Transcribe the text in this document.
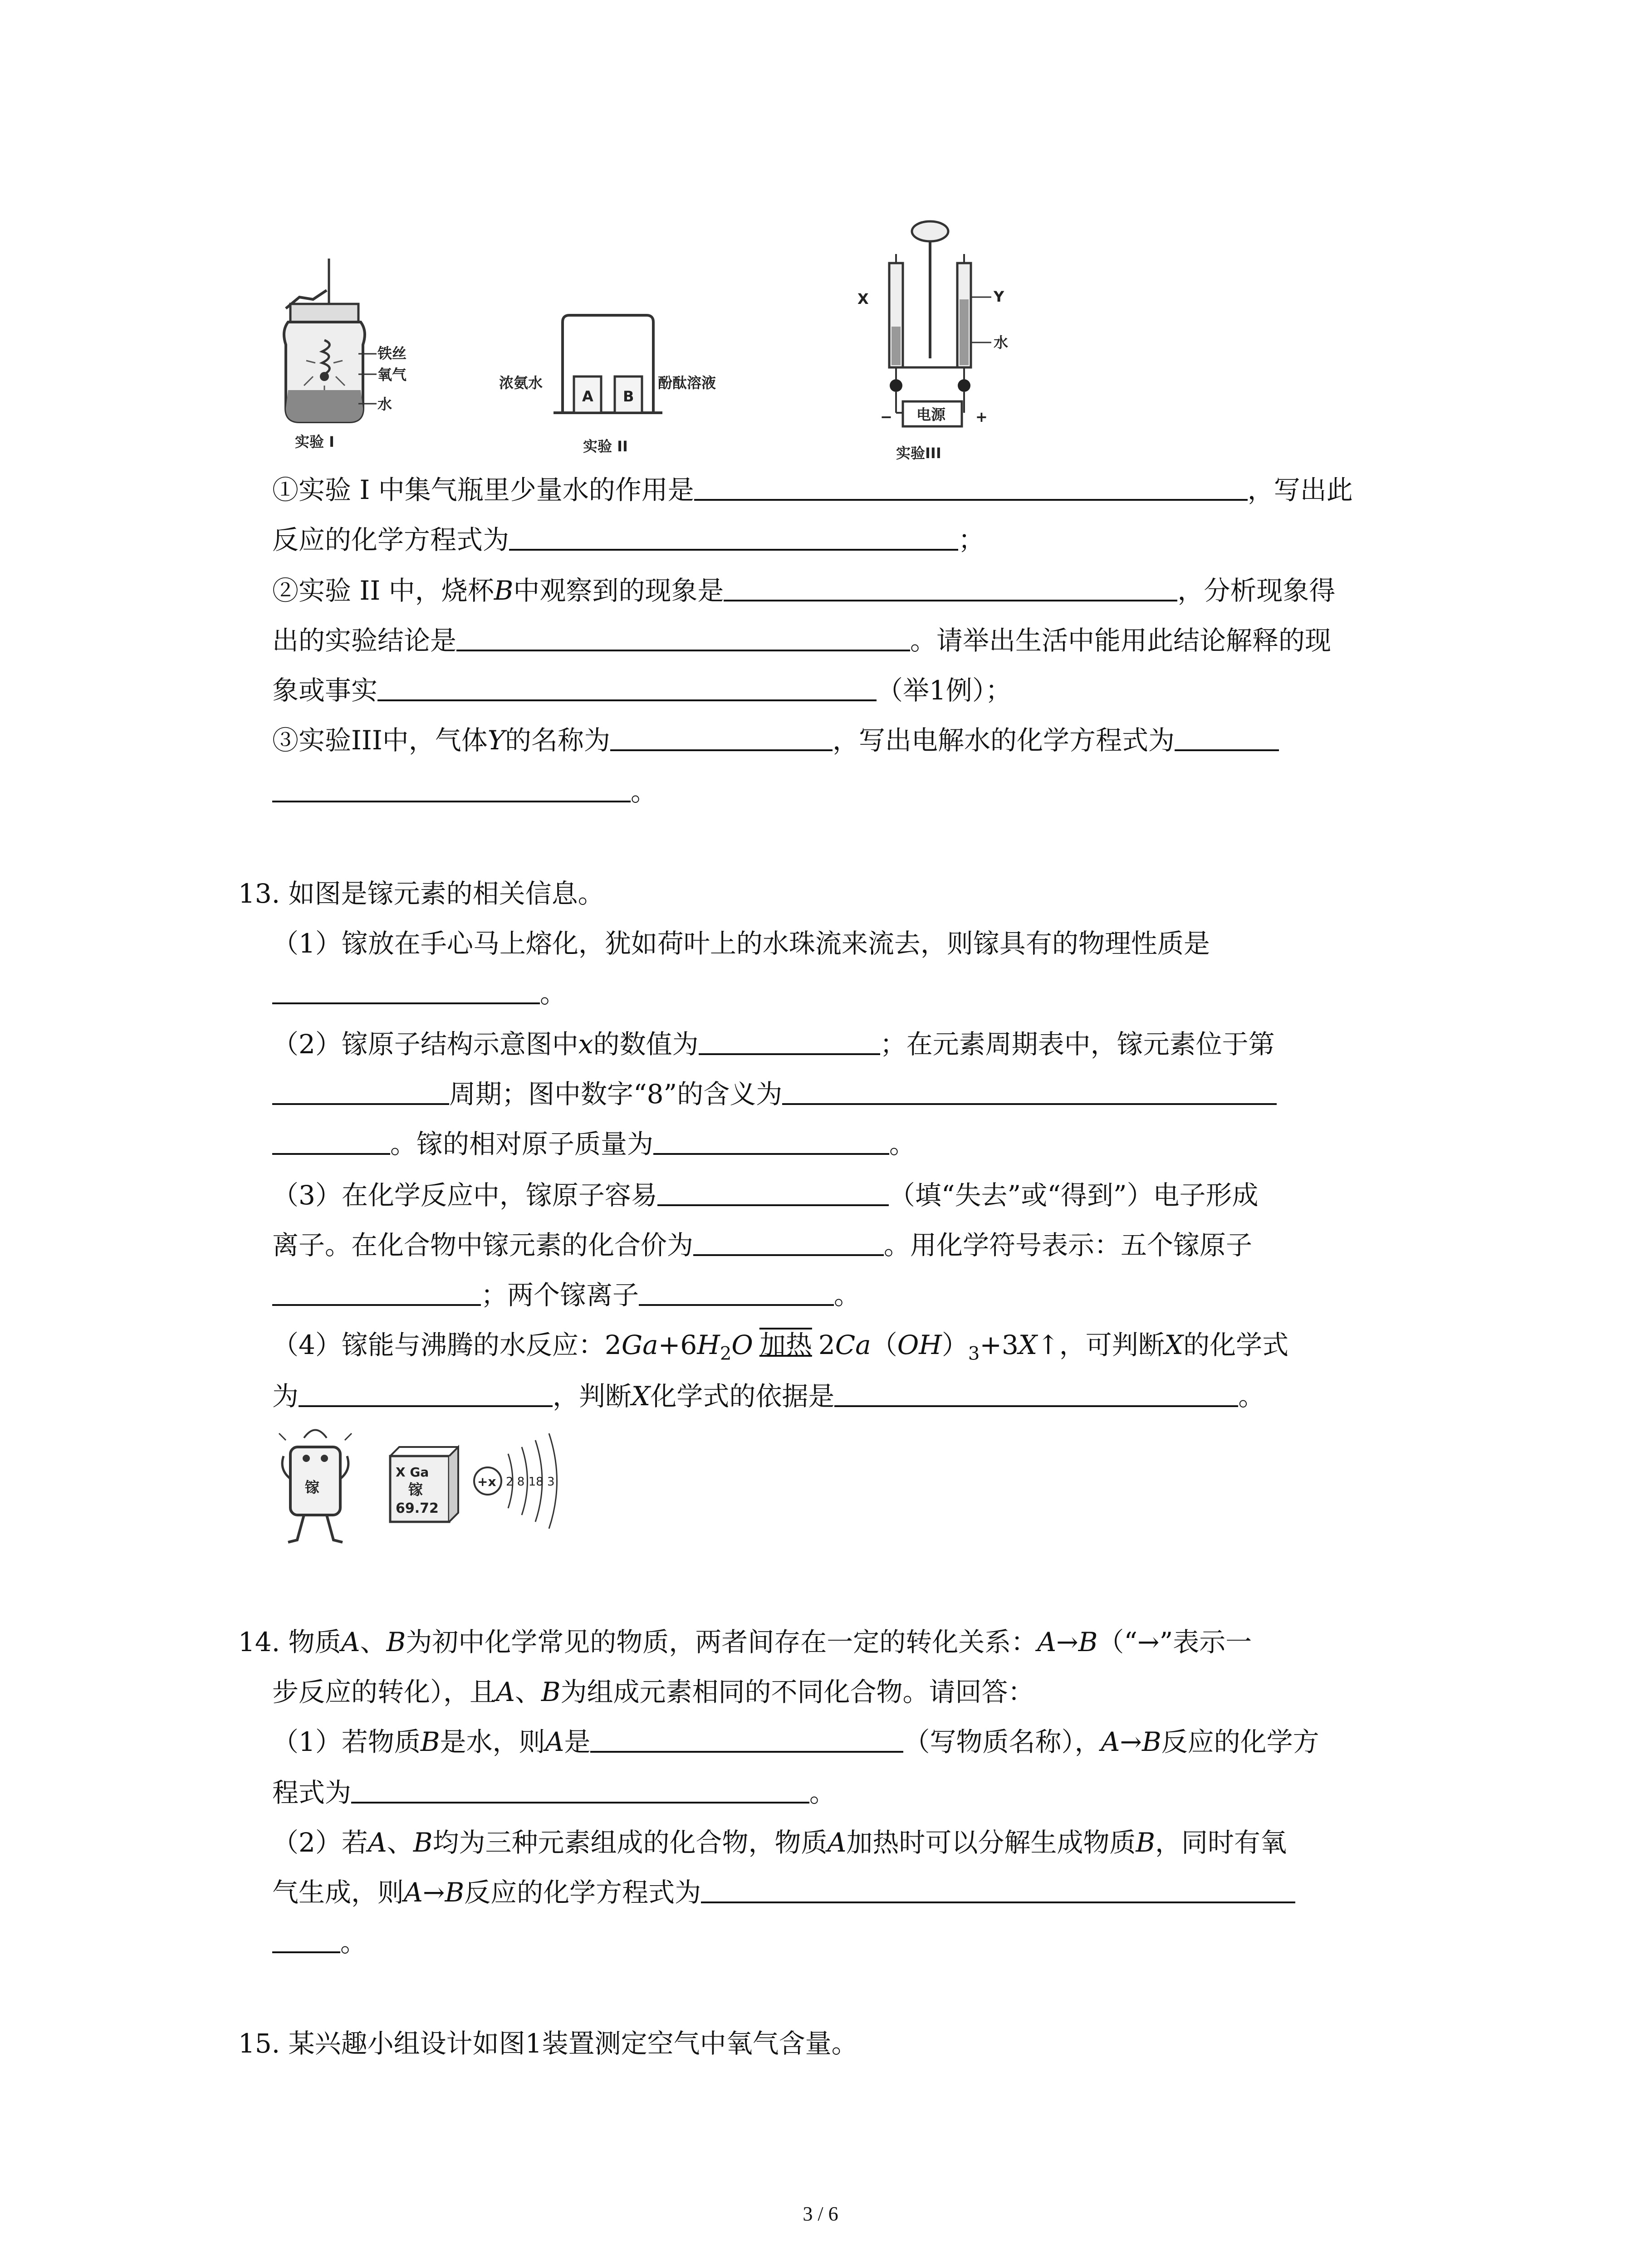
铁丝
氧气
水
实验 I
A B
浓氨水	酚酞溶液
实验 II
电源
−	+
X	Y
水
实验III
①实验 I 中集气瓶里少量水的作用是	，写出此
反应的化学方程式为	；
②实验 II 中，烧杯B中观察到的现象是	，分析现象得
出的实验结论是	。请举出生活中能用此结论解释的现
象或事实	（举1例）；
③实验III中，气体Y的名称为	，写出电解水的化学方程式为
。
13. 如图是镓元素的相关信息。
（1）镓放在手心马上熔化，犹如荷叶上的水珠流来流去，则镓具有的物理性质是
。
（2）镓原子结构示意图中x的数值为	；在元素周期表中，镓元素位于第
周期；图中数字“8”的含义为
。镓的相对原子质量为	。
（3）在化学反应中，镓原子容易	（填“失去”或“得到”）电子形成
离子。在化合物中镓元素的化合价为	。用化学符号表示：五个镓原子
；两个镓离子	。
（4）镓能与沸腾的水反应：$2Ga+6H_2O$ 加热 $2Ca(OH)_3+3X↑$，可判断X的化学式
为	，判断X化学式的依据是	。
镓
X Ga
镓
69.72
+x 2 8 18 3
14. 物质A、B为初中化学常见的物质，两者间存在一定的转化关系：A→B（“→”表示一
步反应的转化），且A、B为组成元素相同的不同化合物。请回答：
（1）若物质B是水，则A是	（写物质名称），A→B反应的化学方
程式为	。
（2）若A、B均为三种元素组成的化合物，物质A加热时可以分解生成物质B，同时有氧
气生成，则A→B反应的化学方程式为
。
15. 某兴趣小组设计如图1装置测定空气中氧气含量。
3 / 6
